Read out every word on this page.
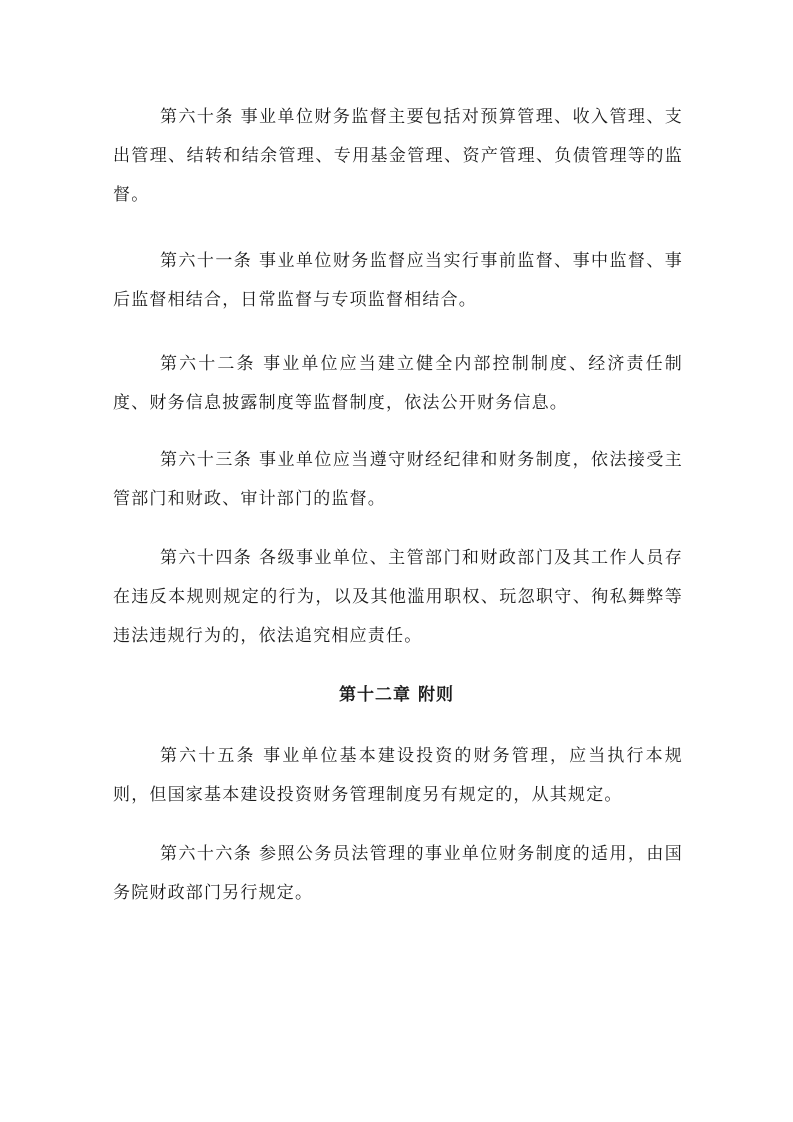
第六十条 事业单位财务监督主要包括对预算管理、收入管理、支出管理、结转和结余管理、专用基金管理、资产管理、负债管理等的监督。

第六十一条 事业单位财务监督应当实行事前监督、事中监督、事后监督相结合，日常监督与专项监督相结合。

第六十二条 事业单位应当建立健全内部控制制度、经济责任制度、财务信息披露制度等监督制度，依法公开财务信息。

第六十三条 事业单位应当遵守财经纪律和财务制度，依法接受主管部门和财政、审计部门的监督。

第六十四条 各级事业单位、主管部门和财政部门及其工作人员存在违反本规则规定的行为，以及其他滥用职权、玩忽职守、徇私舞弊等违法违规行为的，依法追究相应责任。

第十二章 附则

第六十五条 事业单位基本建设投资的财务管理，应当执行本规则，但国家基本建设投资财务管理制度另有规定的，从其规定。

第六十六条 参照公务员法管理的事业单位财务制度的适用，由国务院财政部门另行规定。
